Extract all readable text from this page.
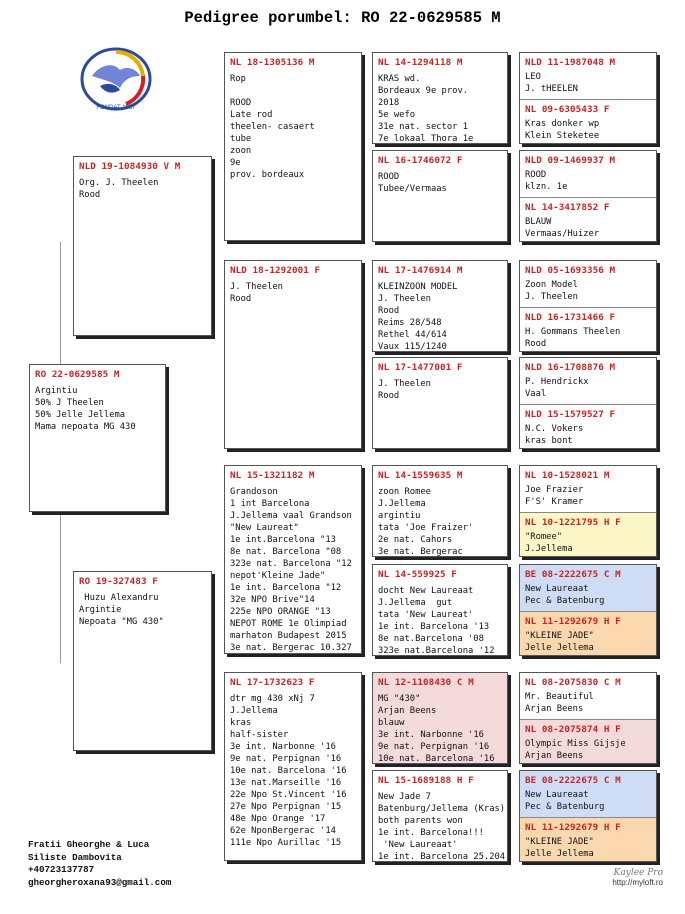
Pedigree porumbel: RO 22-0629585 M
FONDAT 1937
RO 22-0629585 M
Argintiu
50% J Theelen
50% Jelle Jellema
Mama nepoata MG 430
NLD 19-1084930 V M
Org. J. Theelen
Rood
RO 19-327483 F
Huzu Alexandru
Argintie
Nepoata "MG 430"
NL 18-1305136 M
Rop

ROOD
Late rod
theelen- casaert
tube
zoon
9e
prov. bordeaux
NLD 18-1292001 F
J. Theelen
Rood
NL 15-1321182 M
Grandoson
1 int Barcelona
J.Jellema vaal Grandson
"New Laureat"
1e int.Barcelona "13
8e nat. Barcelona "08
323e nat. Barcelona "12
nepot'Kleine Jade"
1e int. Barcelona "12
32e NPO Brive"14
225e NPO ORANGE "13
NEPOT ROME 1e Olimpiad
marhaton Budapest 2015
3e nat. Bergerac 10.327
NL 17-1732623 F
dtr mg 430 xNj 7
J.Jellema
kras
half-sister
3e int. Narbonne '16
9e nat. Perpignan '16
10e nat. Barcelona '16
13e nat.Marseille '16
22e Npo St.Vincent '16
27e Npo Perpignan '15
48e Npo Orange '17
62e NponBergerac '14
111e Npo Aurillac '15
NL 14-1294118 M
KRAS wd.
Bordeaux 9e prov.
2018
5e wefo
31e nat. sector 1
7e lokaal Thora 1e
NL 16-1746072 F
ROOD
Tubee/Vermaas
NL 17-1476914 M
KLEINZOON MODEL
J. Theelen
Rood
Reims 28/548
Rethel 44/614
Vaux 115/1240
NL 17-1477001 F
J. Theelen
Rood
NL 14-1559635 M
zoon Romee
J.Jellema
argintiu
tata 'Joe Fraizer'
2e nat. Cahors
3e nat. Bergerac
NL 14-559925 F
docht New Laureaat
J.Jellema  gut
tata 'New Laureat'
1e int. Barcelona '13
8e nat.Barcelona '08
323e nat.Barcelona '12
NL 12-1108430 C M
MG "430"
Arjan Beens
blauw
3e int. Narbonne '16
9e nat. Perpignan '16
10e nat. Barcelona '16
NL 15-1689188 H F
New Jade 7
Batenburg/Jellema (Kras)
both parents won
1e int. Barcelona!!!
'New Laureaat'
1e int. Barcelona 25.204
NLD 11-1987048 M
LEO
J. tHEELEN
NL 09-6305433 F
Kras donker wp
Klein Steketee
NLD 09-1469937 M
ROOD
klzn. 1e
NL 14-3417852 F
BLAUW
Vermaas/Huizer
NLD 05-1693356 M
Zoon Model
J. Theelen
NLD 16-1731466 F
H. Gommans Theelen
Rood
NLD 16-1708876 M
P. Hendrickx
Vaal
NLD 15-1579527 F
N.C. Vokers
kras bont
NL 10-1528021 M
Joe Frazier
F'S' Kramer
NL 10-1221795 H F
"Romee"
J.Jellema
BE 08-2222675 C M
New Laureaat
Pec & Batenburg
NL 11-1292679 H F
"KLEINE JADE"
Jelle Jellema
NL 08-2075830 C M
Mr. Beautiful
Arjan Beens
NL 08-2075874 H F
Olympic Miss Gijsje
Arjan Beens
BE 08-2222675 C M
New Laureaat
Pec & Batenburg
NL 11-1292679 H F
"KLEINE JADE"
Jelle Jellema
Fratii Gheorghe & Luca
Siliste Dambovita
+40723137787
gheorgheroxana93@gmail.com
Kaylee Pro
http://myloft.ro
